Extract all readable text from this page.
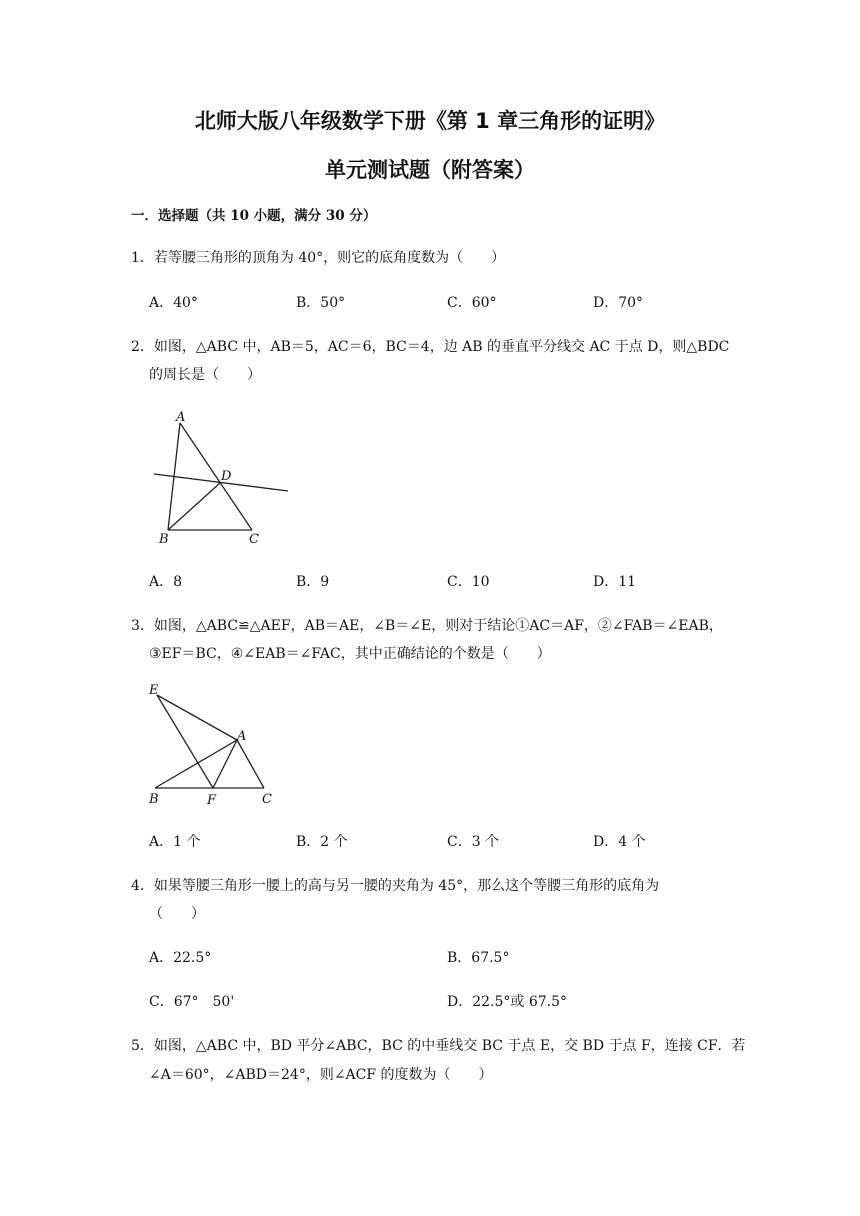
北师大版八年级数学下册《第 1 章三角形的证明》
单元测试题（附答案）
一．选择题（共 10 小题，满分 30 分）
1．若等腰三角形的顶角为 40°，则它的底角度数为（　　）
A．40°	B．50°	C．60°	D．70°
2．如图，△ABC 中，AB＝5，AC＝6，BC＝4，边 AB 的垂直平分线交 AC 于点 D，则△BDC
的周长是（　　）
A
D
B	C
A．8	B．9	C．10	D．11
3．如图，△ABC≌△AEF，AB＝AE，∠B＝∠E，则对于结论①AC＝AF，②∠FAB＝∠EAB，
③EF＝BC，④∠EAB＝∠FAC，其中正确结论的个数是（　　）
E
A
B	F	C
A．1 个	B．2 个	C．3 个	D．4 个
4．如果等腰三角形一腰上的高与另一腰的夹角为 45°，那么这个等腰三角形的底角为
（　　）
A．22.5°	B．67.5°
C．67°　50'	D．22.5°或 67.5°
5．如图，△ABC 中，BD 平分∠ABC，BC 的中垂线交 BC 于点 E，交 BD 于点 F，连接 CF．若
∠A＝60°，∠ABD＝24°，则∠ACF 的度数为（　　）
